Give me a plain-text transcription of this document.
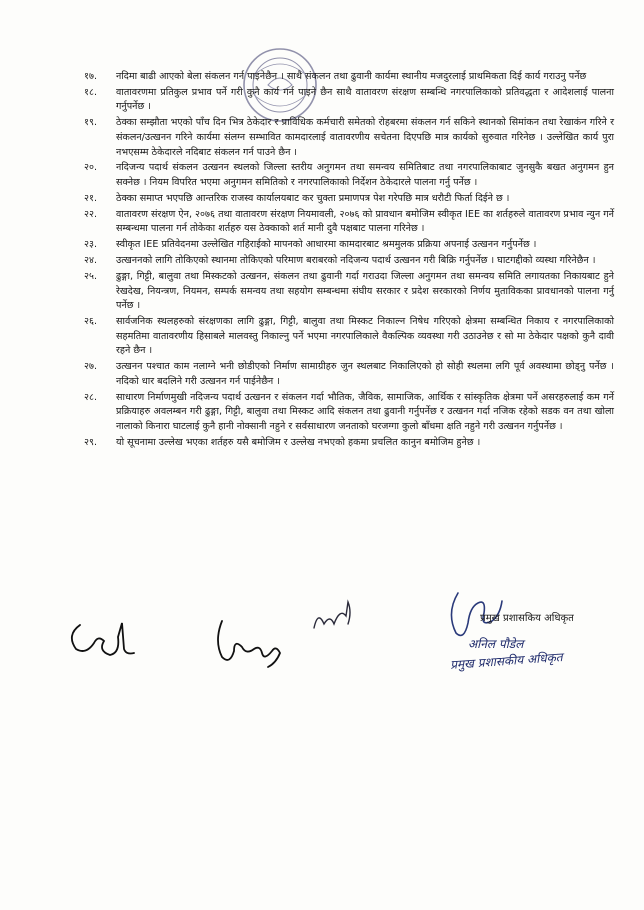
१७.	नदिमा बाढी आएको बेला संकलन गर्न पाइनेछैन । साथै संकलन तथा ढुवानी कार्यमा स्थानीय मजदुरलाई प्राथमिकता दिई कार्य गराउनु पर्नेछ
१८.	वातावरणमा प्रतिकुल प्रभाव पर्ने गरी कुनै कार्य गर्न पाइने छैन साथै वातावरण संरक्षण सम्बन्धि नगरपालिकाको प्रतिवद्धता र आदेशलाई पालना गर्नुपर्नेछ ।
१९.	ठेक्का सम्झौता भएको पाँच दिन भित्र ठेकेदार र प्राविधिक कर्मचारी समेतको रोहबरमा संकलन गर्न सकिने स्थानको सिमांकन तथा रेखाकंन गरिने र संकलन/उत्खनन गरिने कार्यमा संलग्न सम्भावित कामदारलाई वातावरणीय सचेतना दिएपछि मात्र कार्यको सुरुवात गरिनेछ । उल्लेखित कार्य पुरा नभएसम्म ठेकेदारले नदिबाट संकलन गर्न पाउने छैन ।
२०.	नदिजन्य पदार्थ संकलन उत्खनन स्थलको जिल्ला स्तरीय अनुगमन तथा समन्वय समितिबाट तथा नगरपालिकाबाट जुनसुकै बखत अनुगमन हुन सक्नेछ । नियम विपरित भएमा अनुगमन समितिको र नगरपालिकाको निर्देशन ठेकेदारले पालना गर्नु पर्नेछ ।
२१.	ठेक्का समाप्त भएपछि आन्तरिक राजस्व कार्यालयबाट कर चुक्ता प्रमाणपत्र पेश गरेपछि मात्र धरौटी फिर्ता दिईने छ ।
२२.	वातावरण संरक्षण ऐन, २०७६ तथा वातावरण संरक्षण नियमावली, २०७६ को प्रावधान बमोजिम स्वीकृत IEE का शर्तहरुले वातावरण प्रभाव न्युन गर्ने सम्बन्धमा पालना गर्न तोकेका शर्तहरु यस ठेक्काको शर्त मानी दुवै पक्षबाट पालना गरिनेछ ।
२३.	स्वीकृत IEE प्रतिवेदनमा उल्लेखित गहिराईको मापनको आधारमा कामदारबाट श्रममुलक प्रक्रिया अपनाई उत्खनन गर्नुपर्नेछ ।
२४.	उत्खननको लागि तोकिएको स्थानमा तोकिएको परिमाण बराबरको नदिजन्य पदार्थ उत्खनन गरी बिक्रि गर्नुपर्नेछ । घाटगद्दीको व्यस्था गरिनेछैन ।
२५.	ढुङ्गा, गिट्टी, बालुवा तथा मिस्कटको उत्खनन, संकलन तथा ढुवानी गर्दा गराउदा जिल्ला अनुगमन तथा समन्वय समिति लगायतका निकायबाट हुने रेखदेख, नियन्त्रण, नियमन, सम्पर्क समन्वय तथा सहयोग सम्बन्धमा संघीय सरकार र प्रदेश सरकारको निर्णय मुताविकका प्रावधानको पालना गर्नु पर्नेछ ।
२६.	सार्वजनिक स्थलहरुको संरक्षणका लागि ढुङ्गा, गिट्टी, बालुवा तथा मिस्कट निकाल्न निषेध गरिएको क्षेत्रमा सम्बन्धित निकाय र नगरपालिकाको सहमतिमा वातावरणीय हिसाबले मालवस्तु निकाल्नु पर्ने भएमा नगरपालिकाले वैकल्पिक व्यवस्था गरी उठाउनेछ र सो मा ठेकेदार पक्षको कुनै दावी रहने छैन ।
२७.	उत्खनन पश्चात काम नलाग्ने भनी छोडीएको निर्माण सामाग्रीहरु जुन स्थलबाट निकालिएको हो सोही स्थलमा लगि पूर्व अवस्थामा छोड्नु पर्नेछ । नदिको धार बदलिने गरी उत्खनन गर्न पाईनेछैन ।
२८.	साधारण निर्माणमुखी नदिजन्य पदार्थ उत्खनन र संकलन गर्दा भौतिक, जैविक, सामाजिक, आर्थिक र सांस्कृतिक क्षेत्रमा पर्ने असरहरुलाई कम गर्ने प्रक्रियाहरु अवलम्बन गरी ढुङ्गा, गिट्टी, बालुवा तथा मिस्कट आदि संकलन तथा ढुवानी गर्नुपर्नेछ र उत्खनन गर्दा नजिक रहेको सडक वन तथा खोला नालाको किनारा घाटलाई कुनै हानी नोक्सानी नहुने र सर्वसाधारण जनताको घरजग्गा कुलो बाँधमा क्षति नहुने गरी उत्खनन गर्नुपर्नेछ ।
२९.	यो सूचनामा उल्लेख भएका शर्तहरु यसै बमोजिम र उल्लेख नभएको हकमा प्रचलित कानुन बमोजिम हुनेछ ।
प्रमुख प्रशासकिय अधिकृत
अनिल पौडेल
प्रमुख प्रशासकीय अधिकृत
